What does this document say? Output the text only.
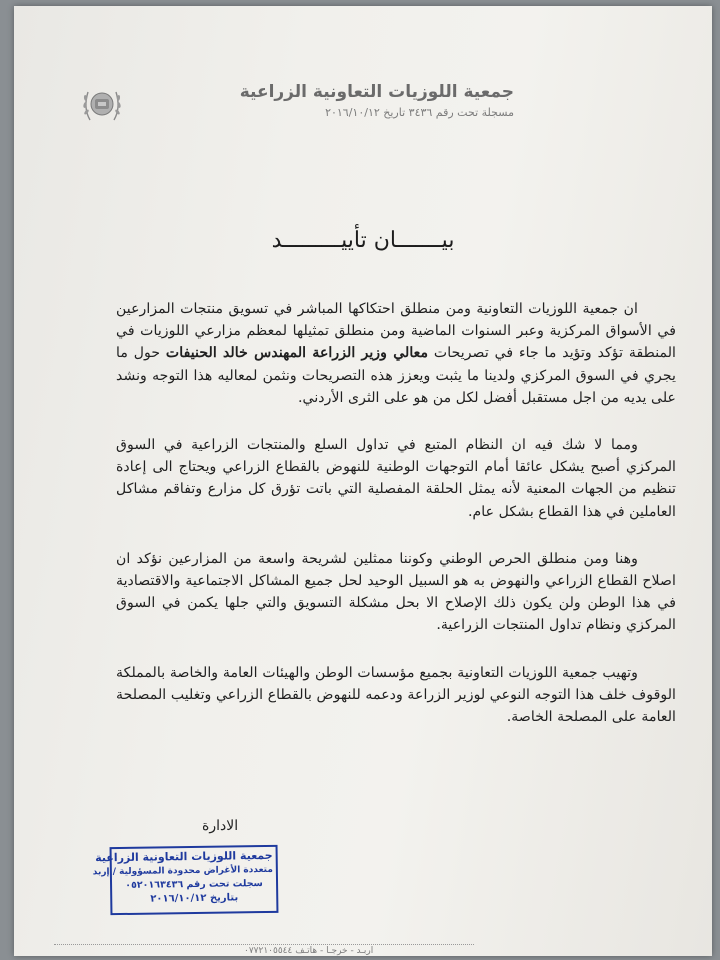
جمعية اللوزيات التعاونية الزراعية
مسجلة تحت رقم ٣٤٣٦ تاريخ ٢٠١٦/١٠/١٢
بيـــــــان تأييـــــــــد

ان جمعية اللوزيات التعاونية ومن منطلق احتكاكها المباشر في تسويق منتجات المزارعين في الأسواق المركزية وعبر السنوات الماضية ومن منطلق تمثيلها لمعظم مزارعي اللوزيات في المنطقة تؤكد وتؤيد ما جاء في تصريحات معالي وزير الزراعة المهندس خالد الحنيفات حول ما يجري في السوق المركزي ولدينا ما يثبت ويعزز هذه التصريحات ونثمن لمعاليه هذا التوجه ونشد على يديه من اجل مستقبل أفضل لكل من هو على الثرى الأردني.

ومما لا شك فيه ان النظام المتبع في تداول السلع والمنتجات الزراعية في السوق المركزي أصبح يشكل عائقا أمام التوجهات الوطنية للنهوض بالقطاع الزراعي ويحتاج الى إعادة تنظيم من الجهات المعنية لأنه يمثل الحلقة المفصلية التي باتت تؤرق كل مزارع وتفاقم مشاكل العاملين في هذا القطاع بشكل عام.

وهنا ومن منطلق الحرص الوطني وكوننا ممثلين لشريحة واسعة من المزارعين نؤكد ان اصلاح القطاع الزراعي والنهوض به هو السبيل الوحيد لحل جميع المشاكل الاجتماعية والاقتصادية في هذا الوطن ولن يكون ذلك الإصلاح الا بحل مشكلة التسويق والتي جلها يكمن في السوق المركزي ونظام تداول المنتجات الزراعية.

وتهيب جمعية اللوزيات التعاونية بجميع مؤسسات الوطن والهيئات العامة والخاصة بالمملكة الوقوف خلف هذا التوجه النوعي لوزير الزراعة ودعمه للنهوض بالقطاع الزراعي وتغليب المصلحة العامة على المصلحة الخاصة.

الادارة
جمعية اللوزيات التعاونية الزراعية
متعددة الأغراض محدودة المسؤولية / إربد
سجلت تحت رقم ٠٥٢٠١٦٣٤٣٦
بتاريخ ٢٠١٦/١٠/١٢
اربـد - خرجـا - هاتـف ٠٧٧٢١٠٥٥٤٤
